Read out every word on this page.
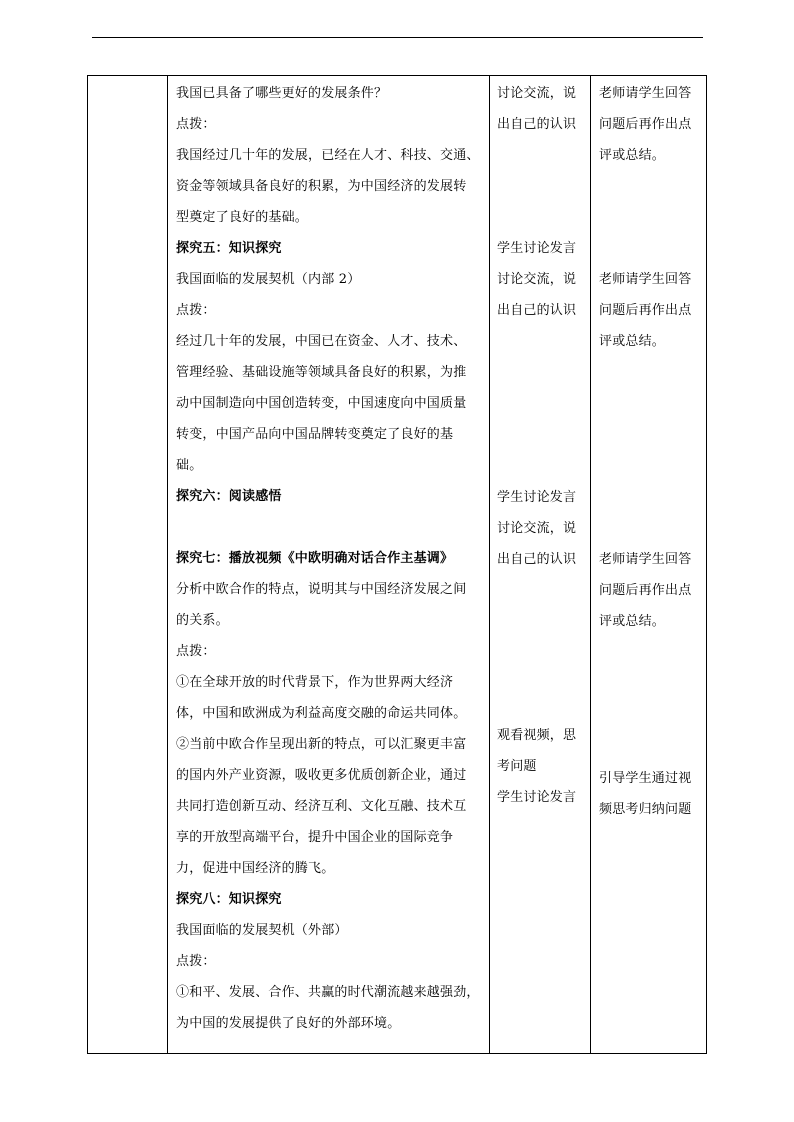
我国已具备了哪些更好的发展条件？
点拨：
我国经过几十年的发展，已经在人才、科技、交通、
资金等领域具备良好的积累，为中国经济的发展转
型奠定了良好的基础。
探究五：知识探究
我国面临的发展契机（内部 2）
点拨：
经过几十年的发展，中国已在资金、人才、技术、
管理经验、基础设施等领域具备良好的积累，为推
动中国制造向中国创造转变，中国速度向中国质量
转变，中国产品向中国品牌转变奠定了良好的基
础。
探究六：阅读感悟
探究七：播放视频《中欧明确对话合作主基调》
分析中欧合作的特点，说明其与中国经济发展之间
的关系。
点拨：
①在全球开放的时代背景下，作为世界两大经济
体，中国和欧洲成为利益高度交融的命运共同体。
②当前中欧合作呈现出新的特点，可以汇聚更丰富
的国内外产业资源，吸收更多优质创新企业，通过
共同打造创新互动、经济互利、文化互融、技术互
享的开放型高端平台，提升中国企业的国际竞争
力，促进中国经济的腾飞。
探究八：知识探究
我国面临的发展契机（外部）
点拨：
①和平、发展、合作、共赢的时代潮流越来越强劲，
为中国的发展提供了良好的外部环境。
讨论交流，说
出自己的认识
学生讨论发言
讨论交流，说
出自己的认识
学生讨论发言
讨论交流，说
出自己的认识
观看视频，思
考问题
学生讨论发言
老师请学生回答
问题后再作出点
评或总结。
老师请学生回答
问题后再作出点
评或总结。
老师请学生回答
问题后再作出点
评或总结。
引导学生通过视
频思考归纳问题
